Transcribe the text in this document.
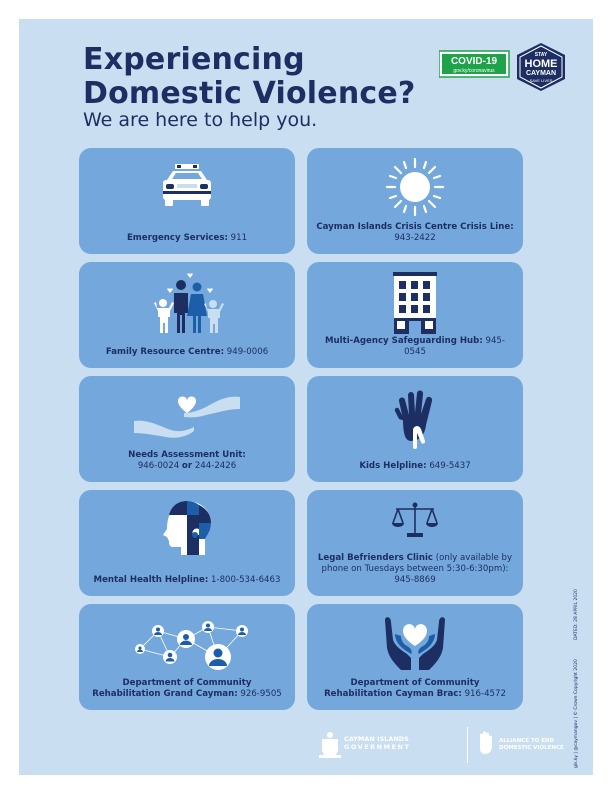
Experiencing
Domestic Violence?
We are here to help you.
COVID-19
gov.ky/coronavirus
STAY
HOME
CAYMAN
SAVE LIVES
Emergency Services: 911
Cayman Islands Crisis Centre Crisis Line:
943-2422
Family Resource Centre: 949-0006
Multi-Agency Safeguarding Hub: 945-0545
Needs Assessment Unit:
946-0024 or 244-2426	Kids Helpline: 649-5437
Mental Health Helpline: 1-800-534-6463
Legal Befrienders Clinic (only available by phone on Tuesdays between 5:30-6:30pm):
945-8869
Department of Community Rehabilitation Grand Cayman: 926-9505
Department of Community Rehabilitation Cayman Brac: 916-4572
CAYMAN ISLANDS
GOVERNMENT
ALLIANCE TO END
DOMESTIC VIOLENCE
DATED: 28 APRIL 2020
gis.ky | @caymangov | © Crown Copyright 2020
